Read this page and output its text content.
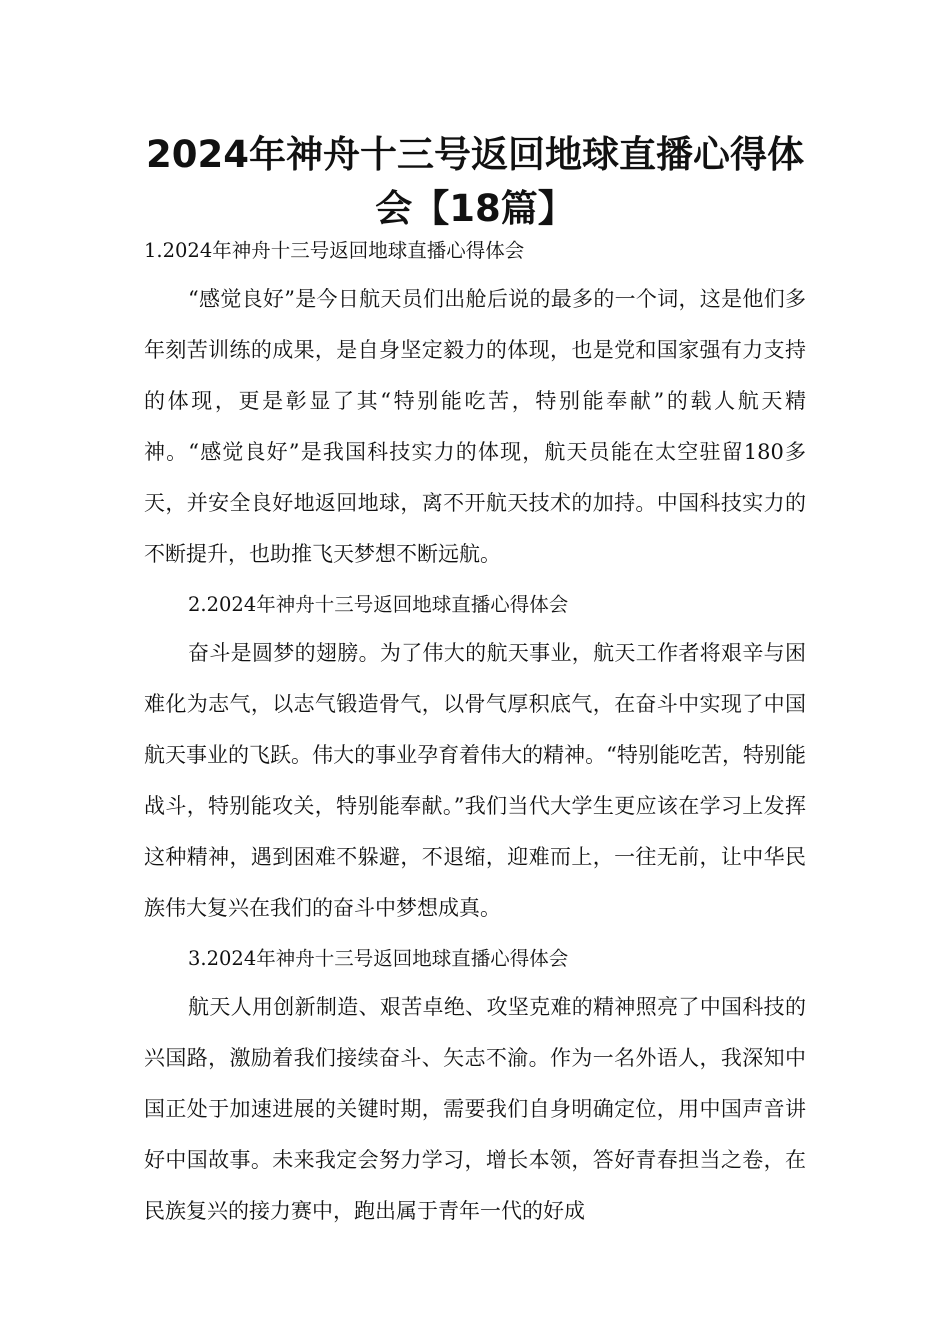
2024年神舟十三号返回地球直播心得体
会【18篇】
1.2024年神舟十三号返回地球直播心得体会

“感觉良好”是今日航天员们出舱后说的最多的一个词，这是他们多年刻苦训练的成果，是自身坚定毅力的体现，也是党和国家强有力支持的体现，更是彰显了其“特别能吃苦，特别能奉献”的载人航天精神。“感觉良好”是我国科技实力的体现，航天员能在太空驻留180多天，并安全良好地返回地球，离不开航天技术的加持。中国科技实力的不断提升，也助推飞天梦想不断远航。

2.2024年神舟十三号返回地球直播心得体会

奋斗是圆梦的翅膀。为了伟大的航天事业，航天工作者将艰辛与困难化为志气，以志气锻造骨气，以骨气厚积底气，在奋斗中实现了中国航天事业的飞跃。伟大的事业孕育着伟大的精神。“特别能吃苦，特别能战斗，特别能攻关，特别能奉献。”我们当代大学生更应该在学习上发挥这种精神，遇到困难不躲避，不退缩，迎难而上，一往无前，让中华民族伟大复兴在我们的奋斗中梦想成真。

3.2024年神舟十三号返回地球直播心得体会

航天人用创新制造、艰苦卓绝、攻坚克难的精神照亮了中国科技的兴国路，激励着我们接续奋斗、矢志不渝。作为一名外语人，我深知中国正处于加速进展的关键时期，需要我们自身明确定位，用中国声音讲好中国故事。未来我定会努力学习，增长本领，答好青春担当之卷，在民族复兴的接力赛中，跑出属于青年一代的好成
